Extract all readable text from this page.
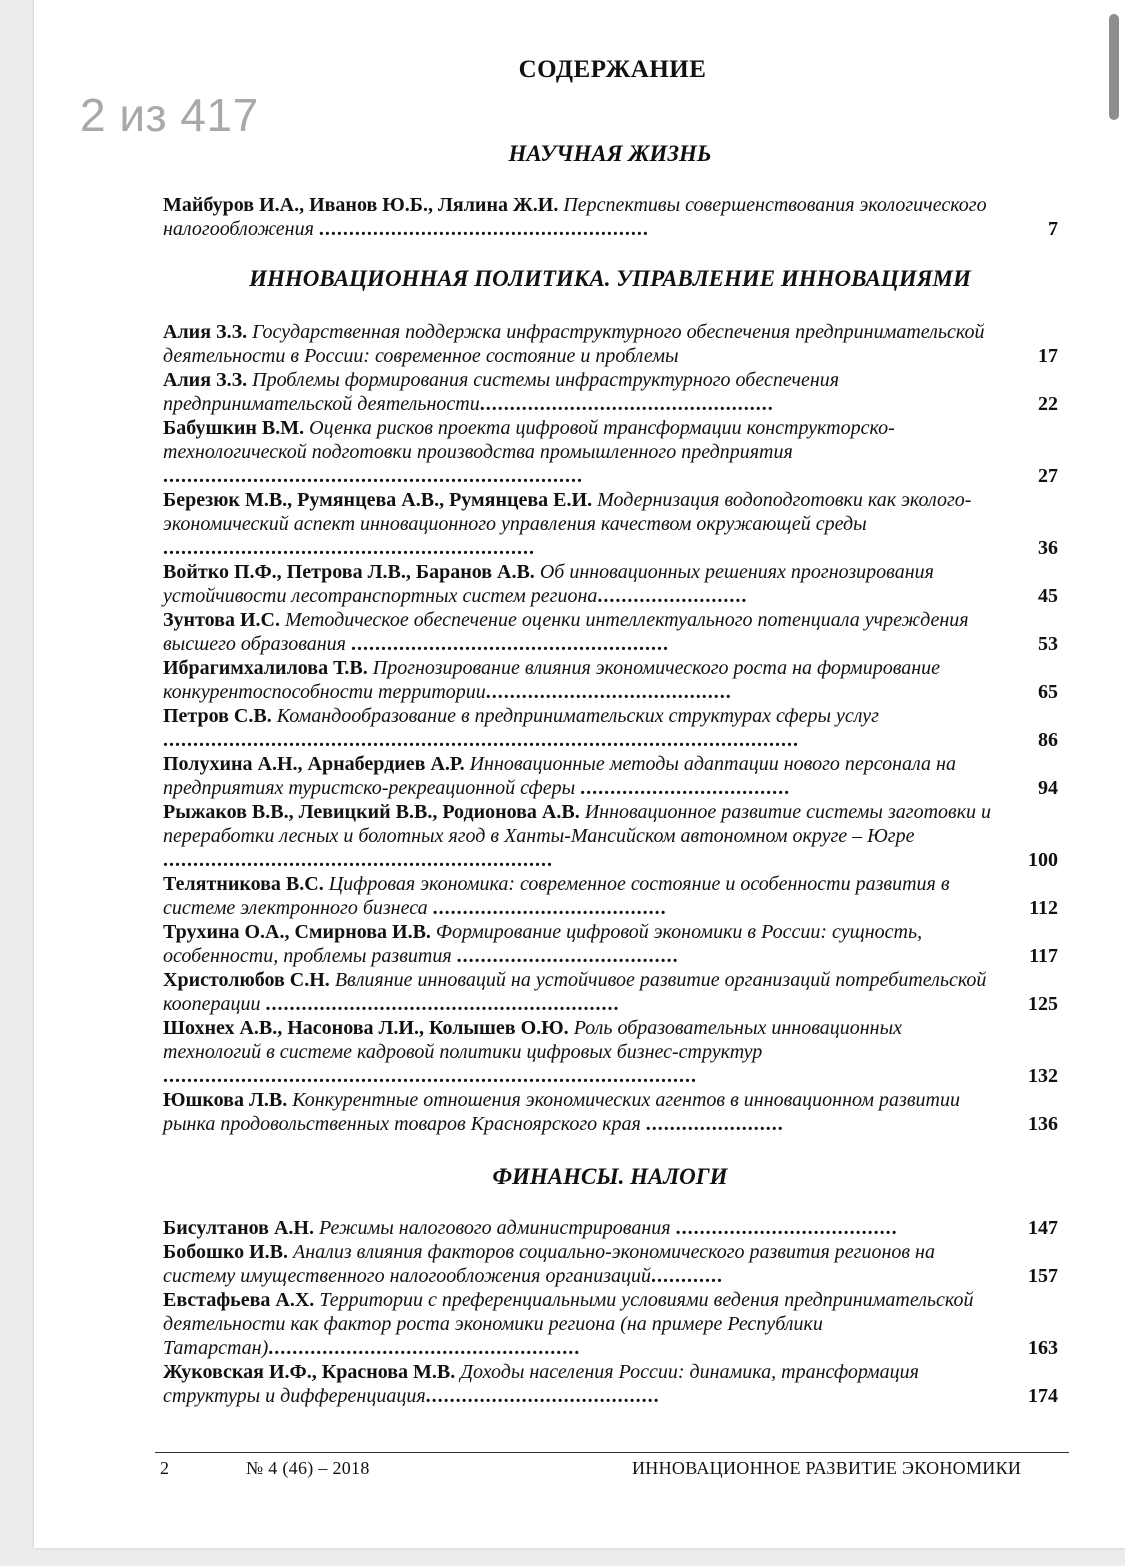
2 из 417
СОДЕРЖАНИЕ
НАУЧНАЯ ЖИЗНЬ
ИННОВАЦИОННАЯ ПОЛИТИКА. УПРАВЛЕНИЕ ИННОВАЦИЯМИ
ФИНАНСЫ. НАЛОГИ
Майбуров И.А., Иванов Ю.Б., Лялина Ж.И. Перспективы совершенствования экологического налогообложения .......................................................	7
Алия З.З. Государственная поддержка инфраструктурного обеспечения предпринимательской деятельности в России: современное состояние и проблемы	17
Алия З.З. Проблемы формирования системы инфраструктурного обеспечения предпринимательской деятельности.................................................	22
Бабушкин В.М. Оценка рисков проекта цифровой трансформации конструкторско-технологической подготовки производства промышленного предприятия ......................................................................	27
Березюк М.В., Румянцева А.В., Румянцева Е.И. Модернизация водоподготовки как эколого-экономический аспект инновационного управления качеством окружающей среды ..............................................................	36
Войтко П.Ф., Петрова Л.В., Баранов А.В. Об инновационных решениях прогнозирования устойчивости лесотранспортных систем региона.........................	45
Зунтова И.С. Методическое обеспечение оценки интеллектуального потенциала учреждения высшего образования .....................................................	53
Ибрагимхалилова Т.В. Прогнозирование влияния экономического роста на формирование конкурентоспособности территории.........................................	65
Петров С.В. Командообразование в предпринимательских структурах сферы услуг ..........................................................................................................	86
Полухина А.Н., Арнабердиев А.Р. Инновационные методы адаптации нового персонала на предприятиях туристско-рекреационной сферы ...................................	94
Рыжаков В.В., Левицкий В.В., Родионова А.В. Инновационное развитие системы заготовки и переработки лесных и болотных ягод в Ханты-Мансийском автономном округе – Югре .................................................................	100
Телятникова В.С. Цифровая экономика: современное состояние и особенности развития в системе электронного бизнеса .......................................	112
Трухина О.А., Смирнова И.В. Формирование цифровой экономики в России: сущность, особенности, проблемы развития .....................................	117
Христолюбов С.Н. Ввлияние инноваций на устойчивое развитие организаций потребительской кооперации ...........................................................	125
Шохнех А.В., Насонова Л.И., Колышев О.Ю. Роль образовательных инновационных технологий в системе кадровой политики цифровых бизнес-структур .........................................................................................	132
Юшкова Л.В. Конкурентные отношения экономических агентов в инновационном развитии рынка продовольственных товаров Красноярского края .......................	136
Бисултанов А.Н. Режимы налогового администрирования .....................................	147
Бобошко И.В. Анализ влияния факторов социально-экономического развития регионов на систему имущественного налогообложения организаций............	157
Евстафьева А.Х. Территории с преференциальными условиями ведения предпринимательской деятельности как фактор роста экономики региона (на примере Республики Татарстан)....................................................	163
Жуковская И.Ф., Краснова М.В. Доходы населения России: динамика, трансформация структуры и дифференциация.......................................	174
2	№ 4 (46) – 2018	ИННОВАЦИОННОЕ РАЗВИТИЕ ЭКОНОМИКИ
